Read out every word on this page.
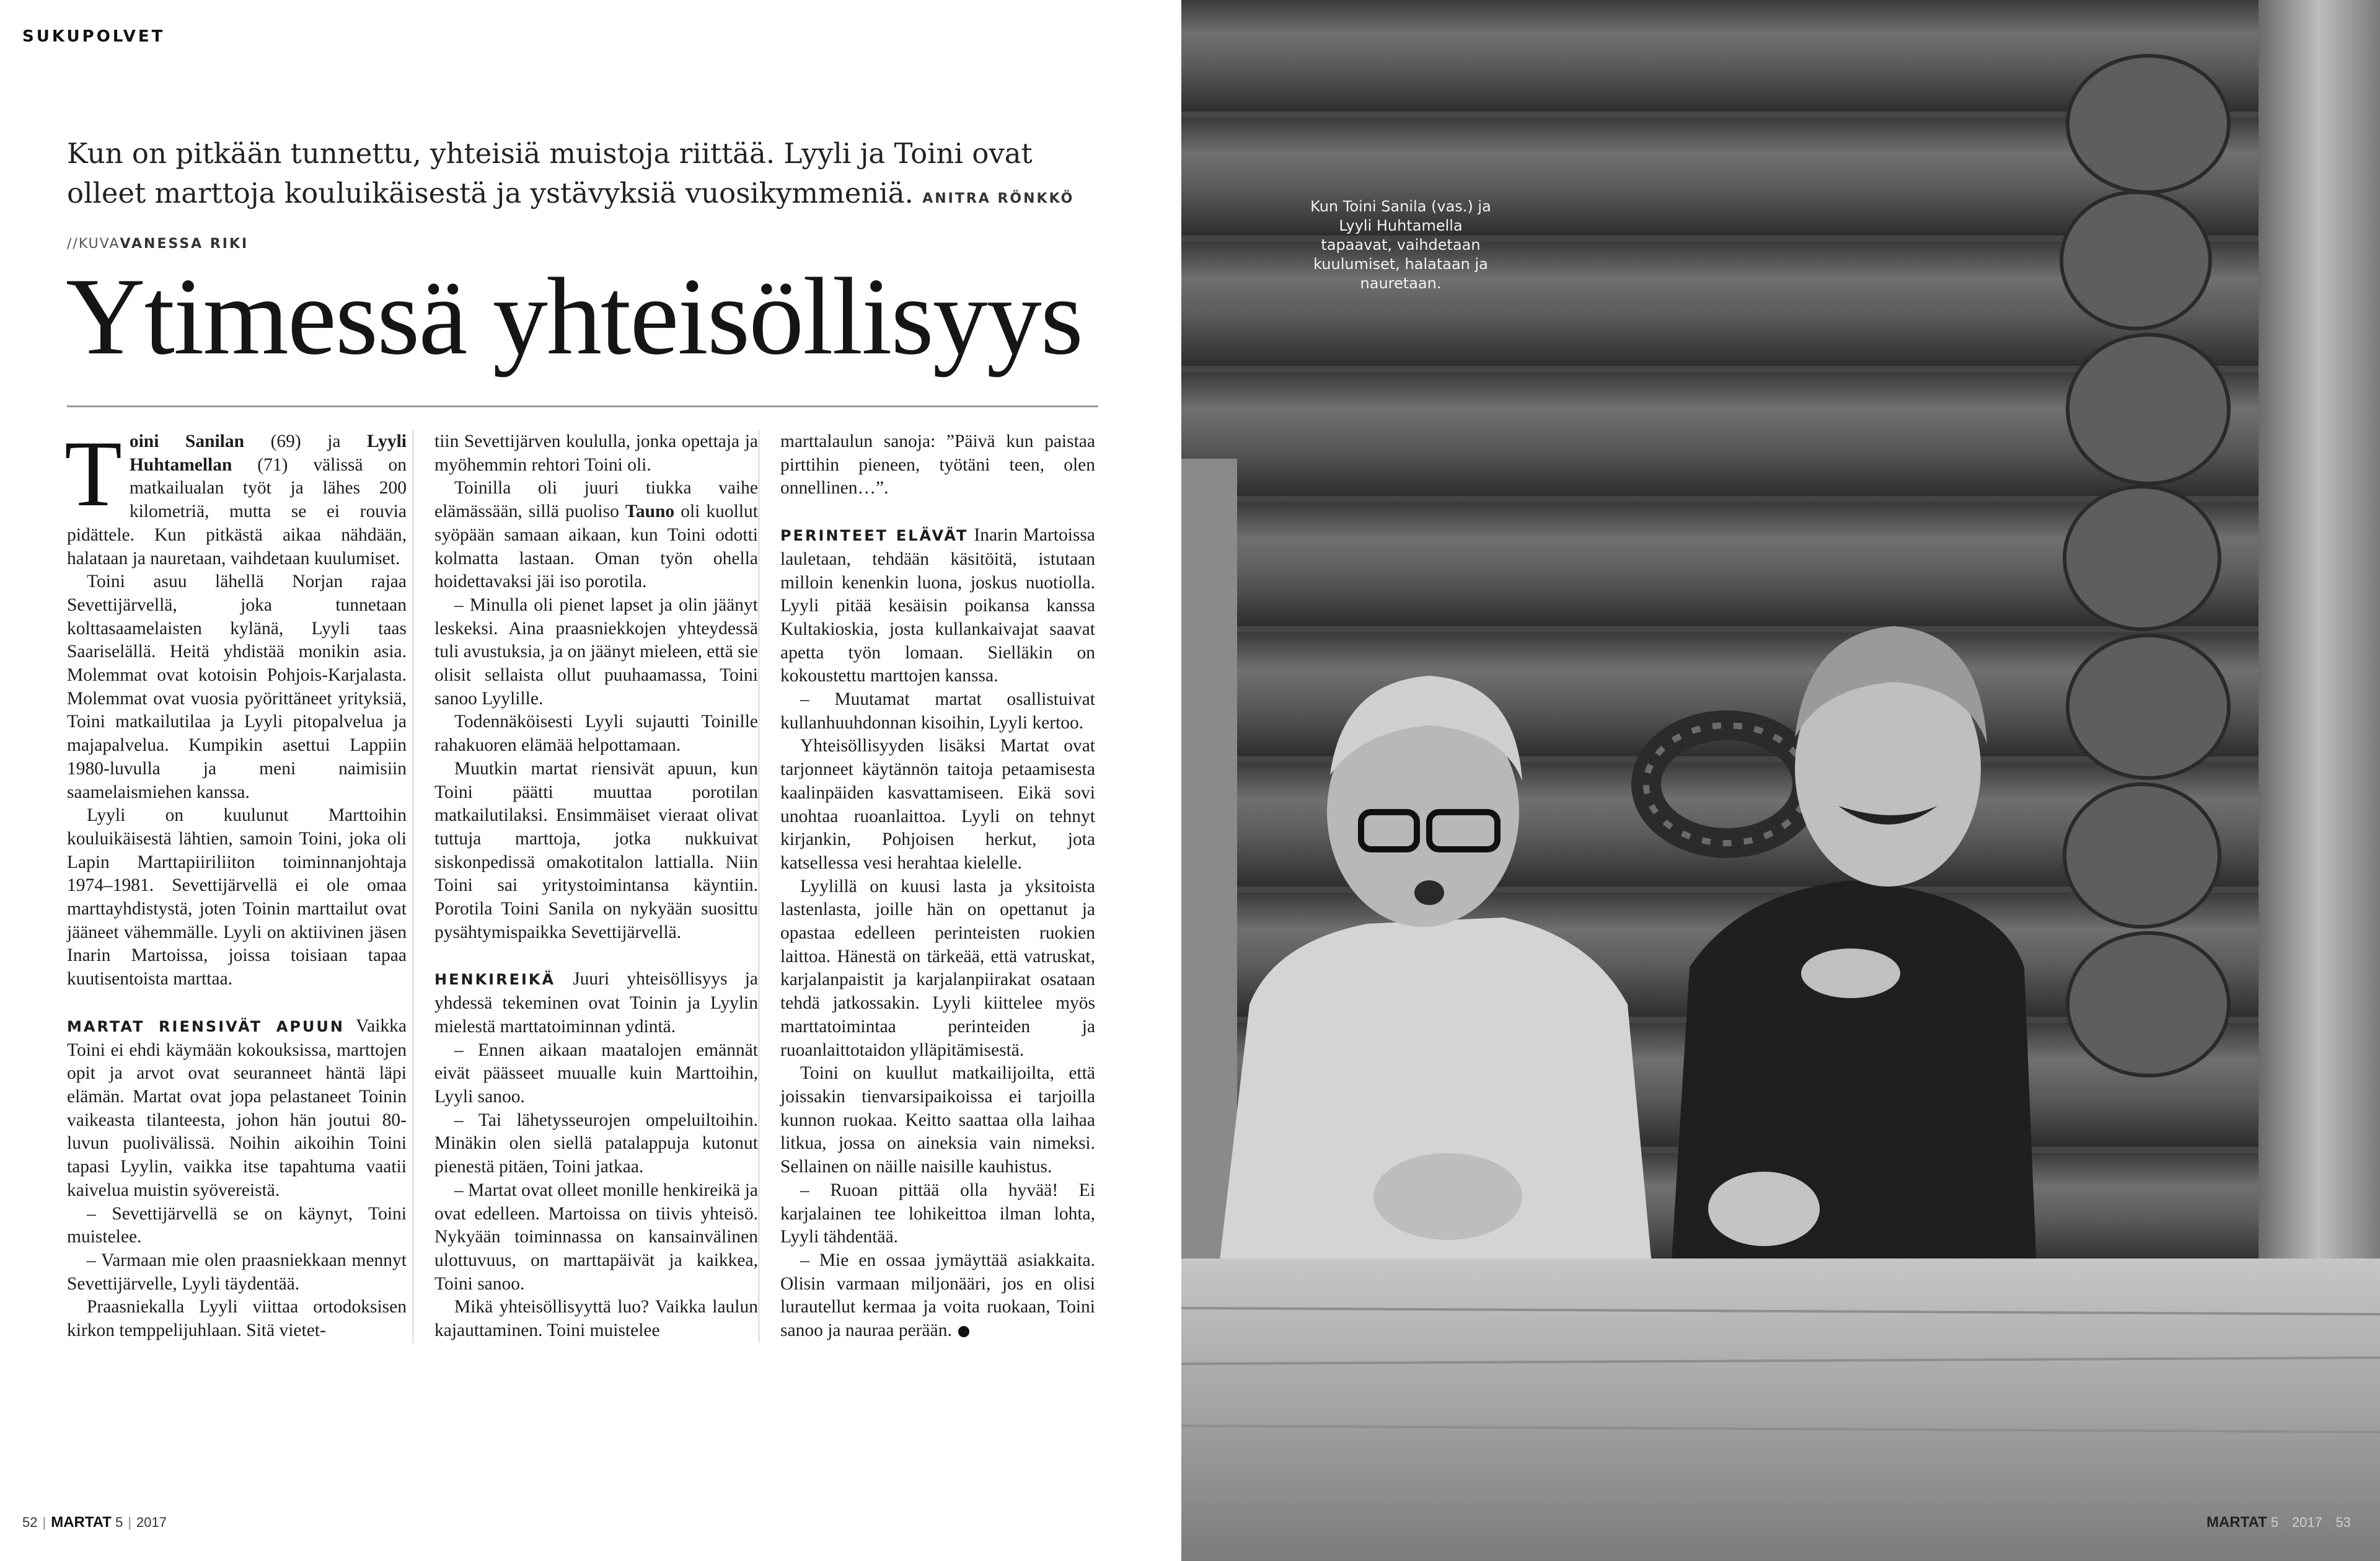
SUKUPOLVET
Kun on pitkään tunnettu, yhteisiä muistoja riittää. Lyyli ja Toini ovat olleet marttoja kouluikäisestä ja ystävyksiä vuosikymmeniä. ANITRA RÖNKKÖ //KUVAVANESSA RIKI
Ytimessä yhteisöllisyys

Toini Sanilan (69) ja Lyyli Huhtamellan (71) välissä on matkailualan työt ja lähes 200 kilometriä, mutta se ei rouvia pidättele. Kun pitkästä aikaa nähdään, halataan ja nauretaan, vaihdetaan kuulumiset.

Toini asuu lähellä Norjan rajaa Sevettijärvellä, joka tunnetaan kolttasaamelaisten kylänä, Lyyli taas Saariselällä. Heitä yhdistää monikin asia. Molemmat ovat kotoisin Pohjois-Karjalasta. Molemmat ovat vuosia pyörittäneet yrityksiä, Toini matkailutilaa ja Lyyli pitopalvelua ja majapalvelua. Kumpikin asettui Lappiin 1980-luvulla ja meni naimisiin saamelaismiehen kanssa.

Lyyli on kuulunut Marttoihin kouluikäisestä lähtien, samoin Toini, joka oli Lapin Marttapiiriliiton toiminnanjohtaja 1974–1981. Sevettijärvellä ei ole omaa marttayhdistystä, joten Toinin marttailut ovat jääneet vähemmälle. Lyyli on aktiivinen jäsen Inarin Martoissa, joissa toisiaan tapaa kuutisentoista marttaa.

MARTAT RIENSIVÄT APUUN Vaikka Toini ei ehdi käymään kokouksissa, marttojen opit ja arvot ovat seuranneet häntä läpi elämän. Martat ovat jopa pelastaneet Toinin vaikeasta tilanteesta, johon hän joutui 80-luvun puolivälissä. Noihin aikoihin Toini tapasi Lyylin, vaikka itse tapahtuma vaatii kaivelua muistin syövereistä.

– Sevettijärvellä se on käynyt, Toini muistelee.

– Varmaan mie olen praasniekkaan mennyt Sevettijärvelle, Lyyli täydentää.

Praasniekalla Lyyli viittaa ortodoksisen kirkon temppelijuhlaan. Sitä vietet-

tiin Sevettijärven koululla, jonka opettaja ja myöhemmin rehtori Toini oli.

Toinilla oli juuri tiukka vaihe elämässään, sillä puoliso Tauno oli kuollut syöpään samaan aikaan, kun Toini odotti kolmatta lastaan. Oman työn ohella hoidettavaksi jäi iso porotila.

– Minulla oli pienet lapset ja olin jäänyt leskeksi. Aina praasniekkojen yhteydessä tuli avustuksia, ja on jäänyt mieleen, että sie olisit sellaista ollut puuhaamassa, Toini sanoo Lyylille.

Todennäköisesti Lyyli sujautti Toinille rahakuoren elämää helpottamaan.

Muutkin martat riensivät apuun, kun Toini päätti muuttaa porotilan matkailutilaksi. Ensimmäiset vieraat olivat tuttuja marttoja, jotka nukkuivat siskonpedissä omakotitalon lattialla. Niin Toini sai yritystoimintansa käyntiin. Porotila Toini Sanila on nykyään suosittu pysähtymispaikka Sevettijärvellä.

HENKIREIKÄ Juuri yhteisöllisyys ja yhdessä tekeminen ovat Toinin ja Lyylin mielestä marttatoiminnan ydintä.

– Ennen aikaan maatalojen emännät eivät päässeet muualle kuin Marttoihin, Lyyli sanoo.

– Tai lähetysseurojen ompeluiltoihin. Minäkin olen siellä patalappuja kutonut pienestä pitäen, Toini jatkaa.

– Martat ovat olleet monille henkireikä ja ovat edelleen. Martoissa on tiivis yhteisö. Nykyään toiminnassa on kansainvälinen ulottuvuus, on marttapäivät ja kaikkea, Toini sanoo.

Mikä yhteisöllisyyttä luo? Vaikka laulun kajauttaminen. Toini muistelee

marttalaulun sanoja: ”Päivä kun paistaa pirttihin pieneen, työtäni teen, olen onnellinen…”.

PERINTEET ELÄVÄT Inarin Martoissa lauletaan, tehdään käsitöitä, istutaan milloin kenenkin luona, joskus nuotiolla. Lyyli pitää kesäisin poikansa kanssa Kultakioskia, josta kullankaivajat saavat apetta työn lomaan. Sielläkin on kokoustettu marttojen kanssa.

– Muutamat martat osallistuivat kullanhuuhdonnan kisoihin, Lyyli kertoo.

Yhteisöllisyyden lisäksi Martat ovat tarjonneet käytännön taitoja petaamisesta kaalinpäiden kasvattamiseen. Eikä sovi unohtaa ruoanlaittoa. Lyyli on tehnyt kirjankin, Pohjoisen herkut, jota katsellessa vesi herahtaa kielelle.

Lyylillä on kuusi lasta ja yksitoista lastenlasta, joille hän on opettanut ja opastaa edelleen perinteisten ruokien laittoa. Hänestä on tärkeää, että vatruskat, karjalanpaistit ja karjalanpiirakat osataan tehdä jatkossakin. Lyyli kiittelee myös marttatoimintaa perinteiden ja ruoanlaittotaidon ylläpitämisestä.

Toini on kuullut matkailijoilta, että joissakin tienvarsipaikoissa ei tarjoilla kunnon ruokaa. Keitto saattaa olla laihaa litkua, jossa on aineksia vain nimeksi. Sellainen on näille naisille kauhistus.

– Ruoan pittää olla hyvää! Ei karjalainen tee lohikeittoa ilman lohta, Lyyli tähdentää.

– Mie en ossaa jymäyttää asiakkaita. Olisin varmaan miljonääri, jos en olisi lurautellut kermaa ja voita ruokaan, Toini sanoo ja nauraa perään.

52 | MARTAT 5 | 2017
Kun Toini Sanila (vas.) ja Lyyli Huhtamella tapaavat, vaihdetaan kuulumiset, halataan ja nauretaan.
MARTAT 5 | 2017 | 53
